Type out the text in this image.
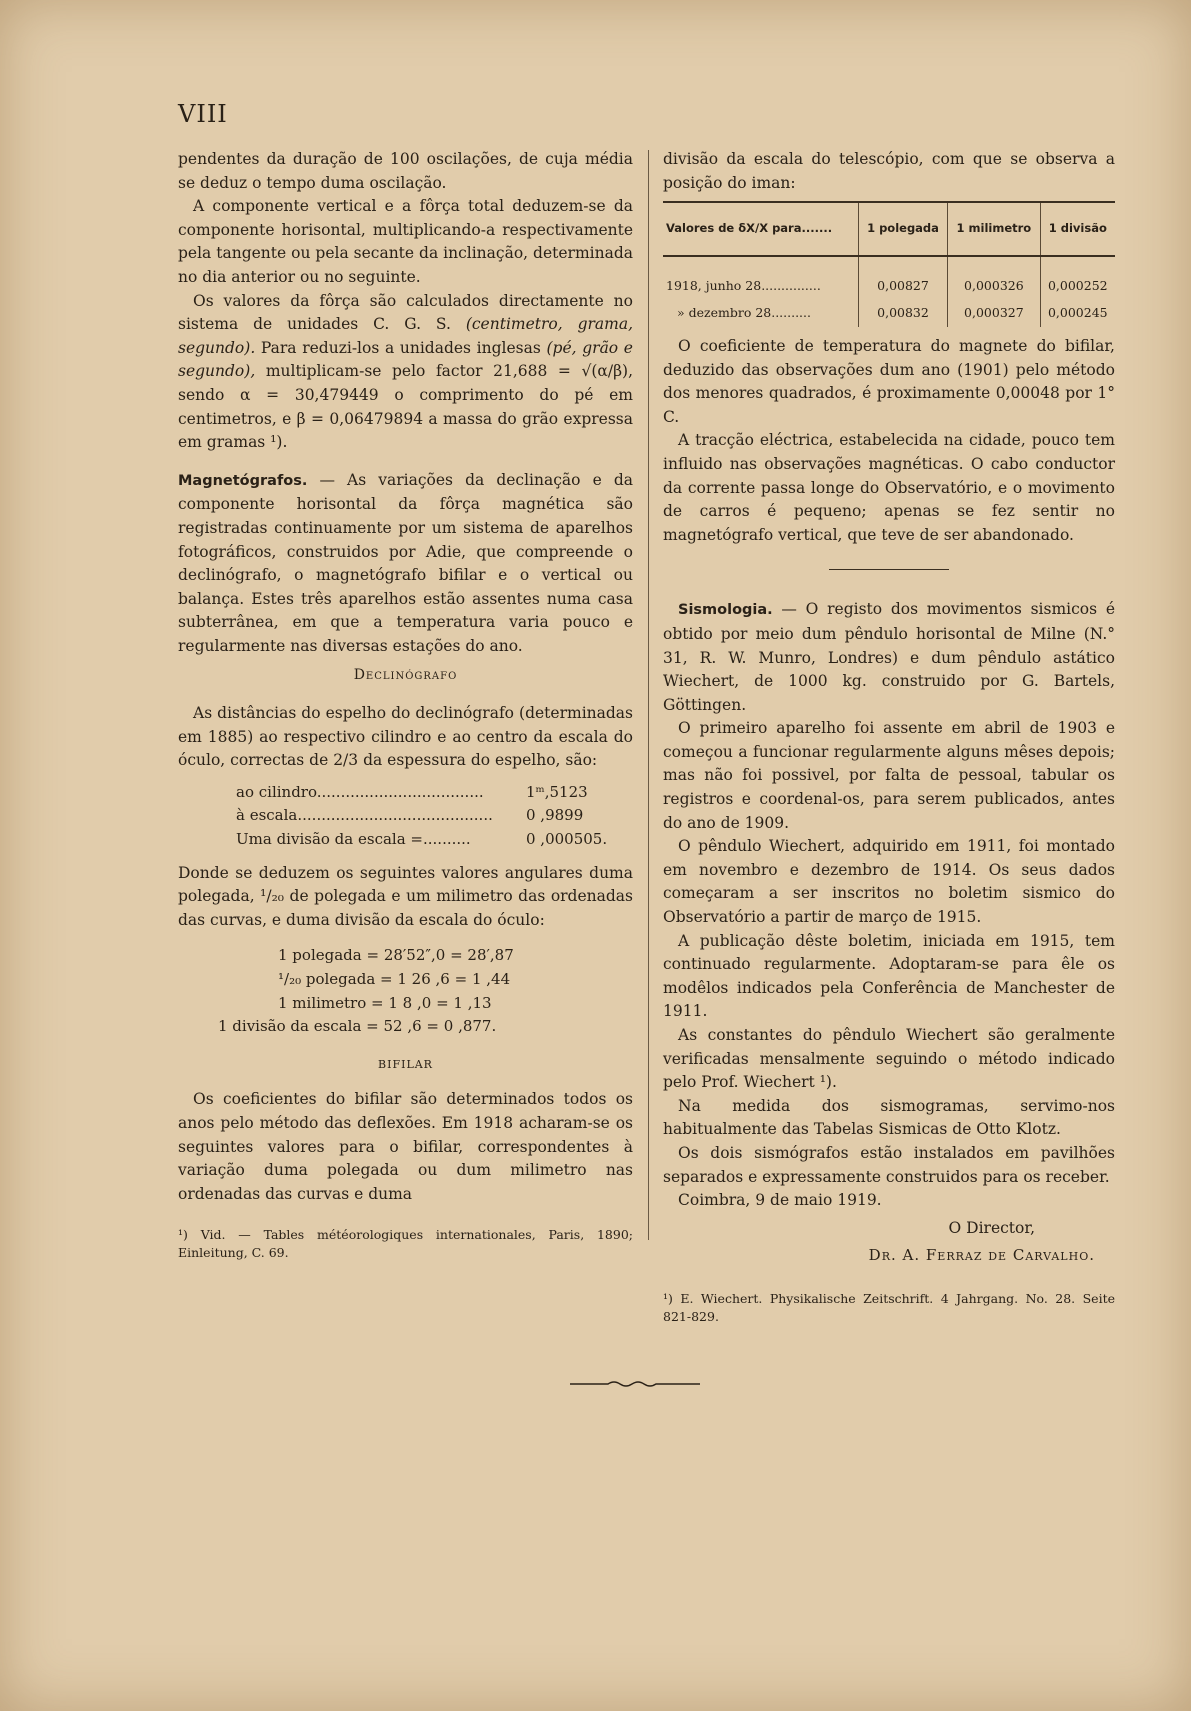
VIII

pendentes da duração de 100 oscilações, de cuja média se deduz o tempo duma oscilação.

A componente vertical e a fôrça total deduzem-se da componente horisontal, multiplicando-a respectivamente pela tangente ou pela secante da inclinação, determinada no dia anterior ou no seguinte.

Os valores da fôrça são calculados directamente no sistema de unidades C. G. S. (centimetro, grama, segundo). Para reduzi-los a unidades inglesas (pé, grão e segundo), multiplicam-se pelo factor 21,688 = √(α/β), sendo α = 30,479449 o comprimento do pé em centimetros, e β = 0,06479894 a massa do grão expressa em gramas ¹).

Magnetógrafos. — As variações da declinação e da componente horisontal da fôrça magnética são registradas continuamente por um sistema de aparelhos fotográficos, construidos por Adie, que compreende o declinógrafo, o magnetógrafo bifilar e o vertical ou balança. Estes três aparelhos estão assentes numa casa subterrânea, em que a temperatura varia pouco e regularmente nas diversas estações do ano.

Declinógrafo

As distâncias do espelho do declinógrafo (determinadas em 1885) ao respectivo cilindro e ao centro da escala do óculo, correctas de 2/3 da espessura do espelho, são:

ao cilindro...................................	1ᵐ,5123
à escala.........................................	0 ,9899
Uma divisão da escala =..........	0 ,000505.

Donde se deduzem os seguintes valores angulares duma polegada, ¹/₂₀ de polegada e um milimetro das ordenadas das curvas, e duma divisão da escala do óculo:

1 polegada = 28′52″,0 = 28′,87
¹/₂₀ polegada = 1 26 ,6 = 1 ,44
1 milimetro = 1 8 ,0 = 1 ,13
1 divisão da escala = 52 ,6 = 0 ,877.

BIFILAR

Os coeficientes do bifilar são determinados todos os anos pelo método das deflexões. Em 1918 acharam-se os seguintes valores para o bifilar, correspondentes à variação duma polegada ou dum milimetro nas ordenadas das curvas e duma

¹) Vid. — Tables météorologiques internationales, Paris, 1890; Einleitung, C. 69.

divisão da escala do telescópio, com que se observa a posição do iman:

Valores de δX/X para.......	1 polegada	1 milimetro	1 divisão

1918, junho 28...............	0,00827	0,000326	0,000252
» dezembro 28..........	0,00832	0,000327	0,000245

O coeficiente de temperatura do magnete do bifilar, deduzido das observações dum ano (1901) pelo método dos menores quadrados, é proximamente 0,00048 por 1° C.

A tracção eléctrica, estabelecida na cidade, pouco tem influido nas observações magnéticas. O cabo conductor da corrente passa longe do Observatório, e o movimento de carros é pequeno; apenas se fez sentir no magnetógrafo vertical, que teve de ser abandonado.

Sismologia. — O registo dos movimentos sismicos é obtido por meio dum pêndulo horisontal de Milne (N.° 31, R. W. Munro, Londres) e dum pêndulo astático Wiechert, de 1000 kg. construido por G. Bartels, Göttingen.

O primeiro aparelho foi assente em abril de 1903 e começou a funcionar regularmente alguns mêses depois; mas não foi possivel, por falta de pessoal, tabular os registros e coordenal-os, para serem publicados, antes do ano de 1909.

O pêndulo Wiechert, adquirido em 1911, foi montado em novembro e dezembro de 1914. Os seus dados começaram a ser inscritos no boletim sismico do Observatório a partir de março de 1915.

A publicação dêste boletim, iniciada em 1915, tem continuado regularmente. Adoptaram-se para êle os modêlos indicados pela Conferência de Manchester de 1911.

As constantes do pêndulo Wiechert são geralmente verificadas mensalmente seguindo o método indicado pelo Prof. Wiechert ¹).

Na medida dos sismogramas, servimo-nos habitualmente das Tabelas Sismicas de Otto Klotz.

Os dois sismógrafos estão instalados em pavilhões separados e expressamente construidos para os receber.

Coimbra, 9 de maio 1919.

O Director,

Dr. A. Ferraz de Carvalho.

¹) E. Wiechert. Physikalische Zeitschrift. 4 Jahrgang. No. 28. Seite 821-829.
